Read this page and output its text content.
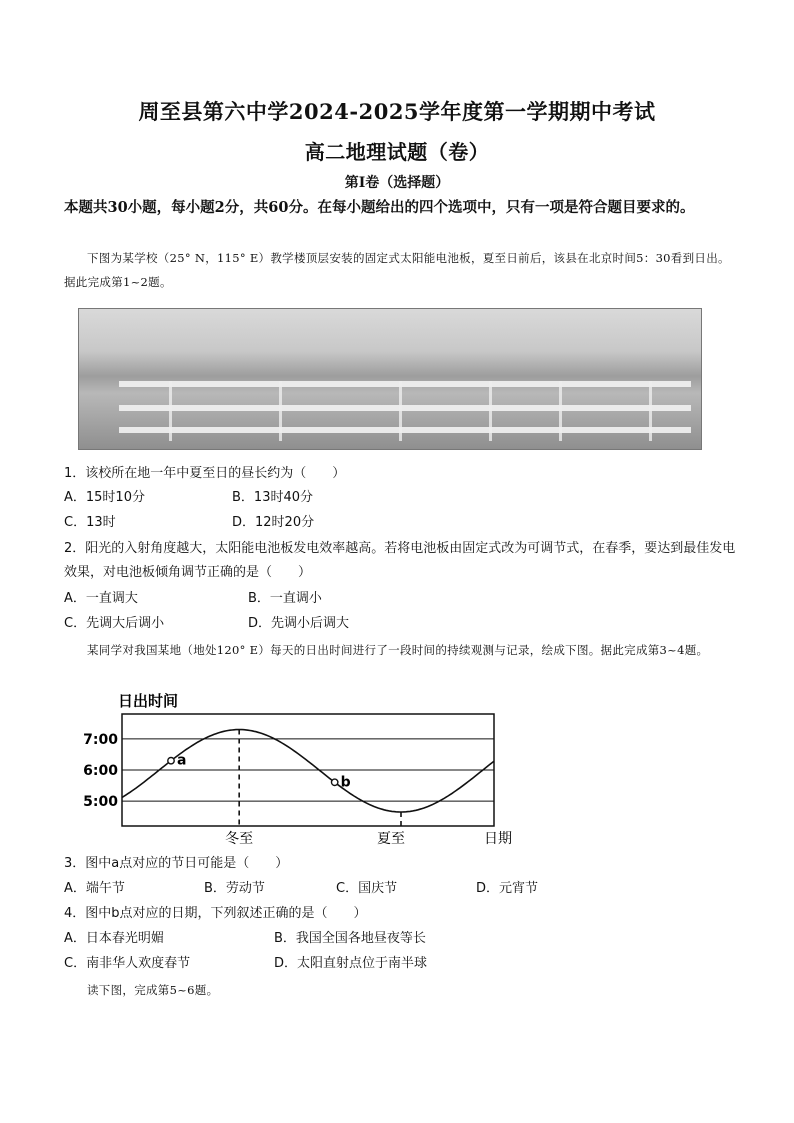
周至县第六中学2024-2025学年度第一学期期中考试
高二地理试题（卷）
第Ⅰ卷（选择题）
本题共30小题，每小题2分，共60分。在每小题给出的四个选项中，只有一项是符合题目要求的。
下图为某学校（25° N，115° E）教学楼顶层安装的固定式太阳能电池板，夏至日前后，该县在北京时间5：30看到日出。据此完成第1~2题。
1．该校所在地一年中夏至日的昼长约为（　　）
A．15时10分	B．13时40分
C．13时	D．12时20分
2．阳光的入射角度越大，太阳能电池板发电效率越高。若将电池板由固定式改为可调节式，在春季，要达到最佳发电效果，对电池板倾角调节正确的是（　　）
A．一直调大	B．一直调小
C．先调大后调小	D．先调小后调大
某同学对我国某地（地处120° E）每天的日出时间进行了一段时间的持续观测与记录，绘成下图。据此完成第3~4题。
日出时间
7:00
6:00
5:00
冬至	夏至	日期
a
b
3．图中a点对应的节日可能是（　　）
A．端午节	B．劳动节	C．国庆节	D．元宵节
4．图中b点对应的日期，下列叙述正确的是（　　）
A．日本春光明媚	B．我国全国各地昼夜等长
C．南非华人欢度春节	D．太阳直射点位于南半球
读下图，完成第5~6题。
